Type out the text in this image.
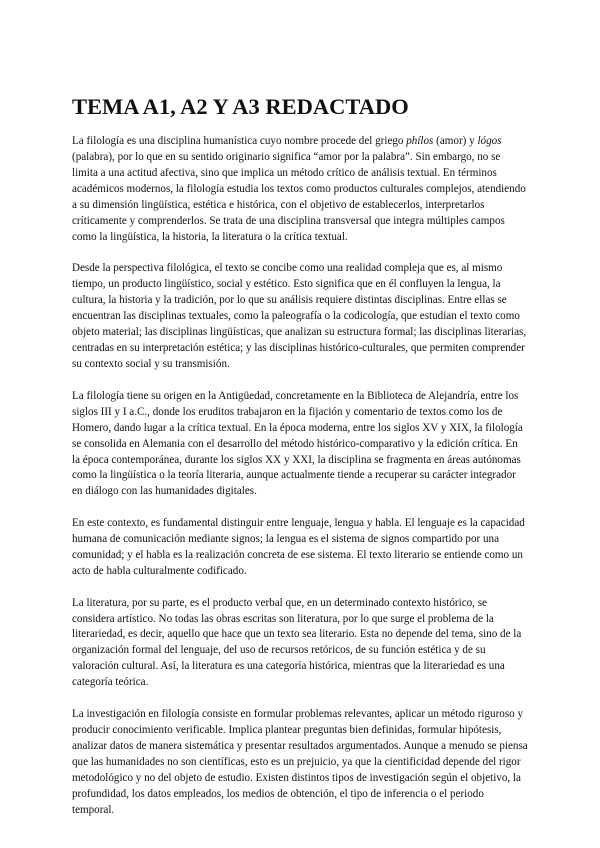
TEMA A1, A2 Y A3 REDACTADO

La filología es una disciplina humanística cuyo nombre procede del griego phílos (amor) y lógos (palabra), por lo que en su sentido originario significa “amor por la palabra”. Sin embargo, no se limita a una actitud afectiva, sino que implica un método crítico de análisis textual. En términos académicos modernos, la filología estudia los textos como productos culturales complejos, atendiendo a su dimensión lingüística, estética e histórica, con el objetivo de establecerlos, interpretarlos críticamente y comprenderlos. Se trata de una disciplina transversal que integra múltiples campos como la lingüística, la historia, la literatura o la crítica textual.

Desde la perspectiva filológica, el texto se concibe como una realidad compleja que es, al mismo tiempo, un producto lingüístico, social y estético. Esto significa que en él confluyen la lengua, la cultura, la historia y la tradición, por lo que su análisis requiere distintas disciplinas. Entre ellas se encuentran las disciplinas textuales, como la paleografía o la codicología, que estudian el texto como objeto material; las disciplinas lingüísticas, que analizan su estructura formal; las disciplinas literarias, centradas en su interpretación estética; y las disciplinas histórico-culturales, que permiten comprender su contexto social y su transmisión.

La filología tiene su origen en la Antigüedad, concretamente en la Biblioteca de Alejandría, entre los siglos III y I a.C., donde los eruditos trabajaron en la fijación y comentario de textos como los de Homero, dando lugar a la crítica textual. En la época moderna, entre los siglos XV y XIX, la filología se consolida en Alemania con el desarrollo del método histórico-comparativo y la edición crítica. En la época contemporánea, durante los siglos XX y XXI, la disciplina se fragmenta en áreas autónomas como la lingüística o la teoría literaria, aunque actualmente tiende a recuperar su carácter integrador en diálogo con las humanidades digitales.

En este contexto, es fundamental distinguir entre lenguaje, lengua y habla. El lenguaje es la capacidad humana de comunicación mediante signos; la lengua es el sistema de signos compartido por una comunidad; y el habla es la realización concreta de ese sistema. El texto literario se entiende como un acto de habla culturalmente codificado.

La literatura, por su parte, es el producto verbal que, en un determinado contexto histórico, se considera artístico. No todas las obras escritas son literatura, por lo que surge el problema de la literariedad, es decir, aquello que hace que un texto sea literario. Esta no depende del tema, sino de la organización formal del lenguaje, del uso de recursos retóricos, de su función estética y de su valoración cultural. Así, la literatura es una categoría histórica, mientras que la literariedad es una categoría teórica.

La investigación en filología consiste en formular problemas relevantes, aplicar un método riguroso y producir conocimiento verificable. Implica plantear preguntas bien definidas, formular hipótesis, analizar datos de manera sistemática y presentar resultados argumentados. Aunque a menudo se piensa que las humanidades no son científicas, esto es un prejuicio, ya que la cientificidad depende del rigor metodológico y no del objeto de estudio. Existen distintos tipos de investigación según el objetivo, la profundidad, los datos empleados, los medios de obtención, el tipo de inferencia o el periodo temporal.
